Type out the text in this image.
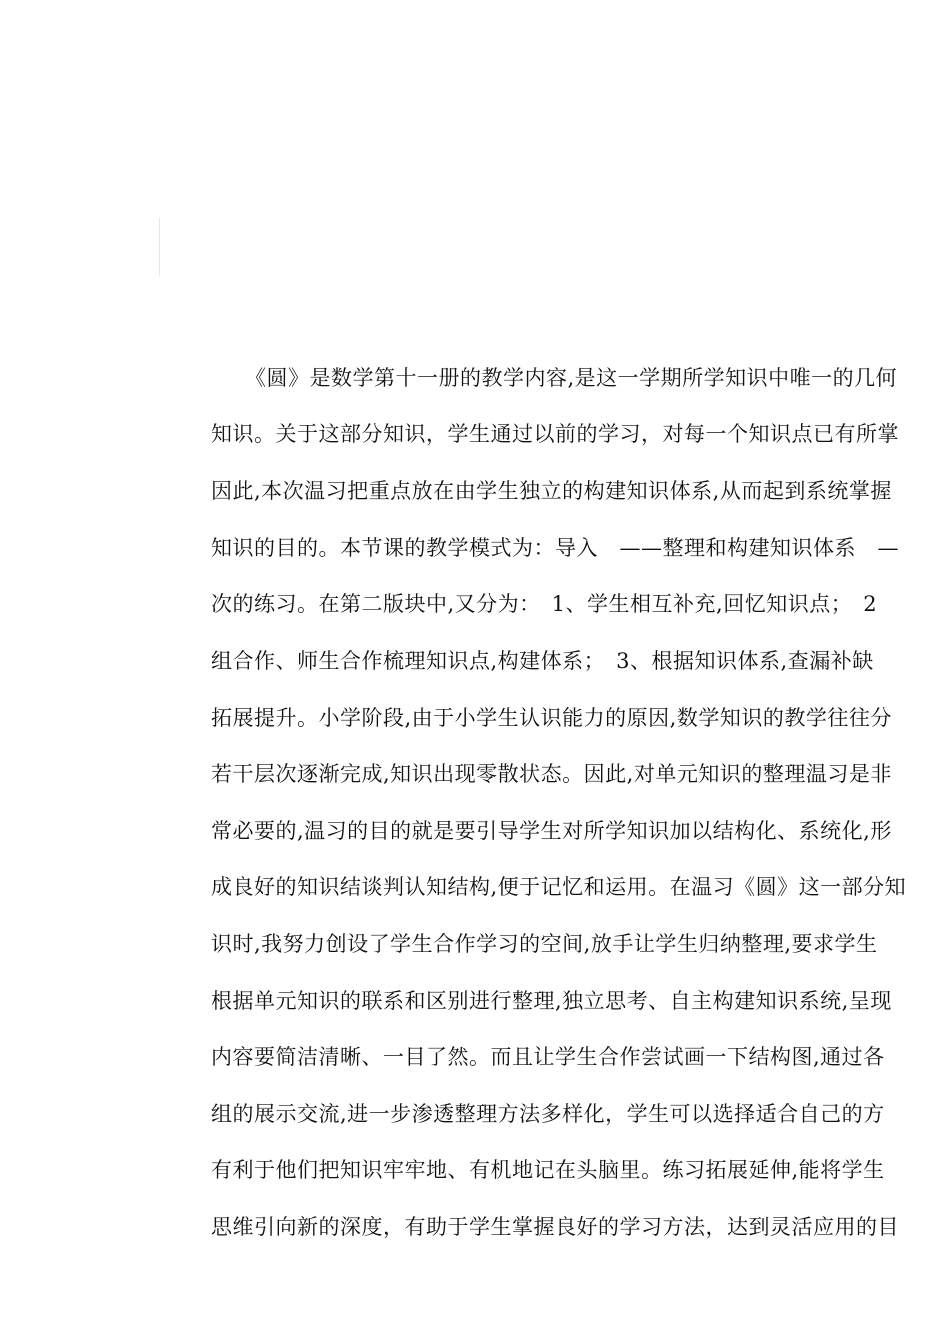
《圆》是数学第十一册的教学内容,是这一学期所学知识中唯一的几何
知识。关于这部分知识，学生通过以前的学习，对每一个知识点已有所掌
因此,本次温习把重点放在由学生独立的构建知识体系,从而起到系统掌握
知识的目的。本节课的教学模式为：导入　——整理和构建知识体系　—
次的练习。在第二版块中,又分为：　1、学生相互补充,回忆知识点；　2
组合作、师生合作梳理知识点,构建体系；　3、根据知识体系,查漏补缺
拓展提升。小学阶段,由于小学生认识能力的原因,数学知识的教学往往分
若干层次逐渐完成,知识出现零散状态。因此,对单元知识的整理温习是非
常必要的,温习的目的就是要引导学生对所学知识加以结构化、系统化,形
成良好的知识结谈判认知结构,便于记忆和运用。在温习《圆》这一部分知
识时,我努力创设了学生合作学习的空间,放手让学生归纳整理,要求学生
根据单元知识的联系和区别进行整理,独立思考、自主构建知识系统,呈现
内容要简洁清晰、一目了然。而且让学生合作尝试画一下结构图,通过各
组的展示交流,进一步渗透整理方法多样化，学生可以选择适合自己的方
有利于他们把知识牢牢地、有机地记在头脑里。练习拓展延伸,能将学生
思维引向新的深度，有助于学生掌握良好的学习方法，达到灵活应用的目
